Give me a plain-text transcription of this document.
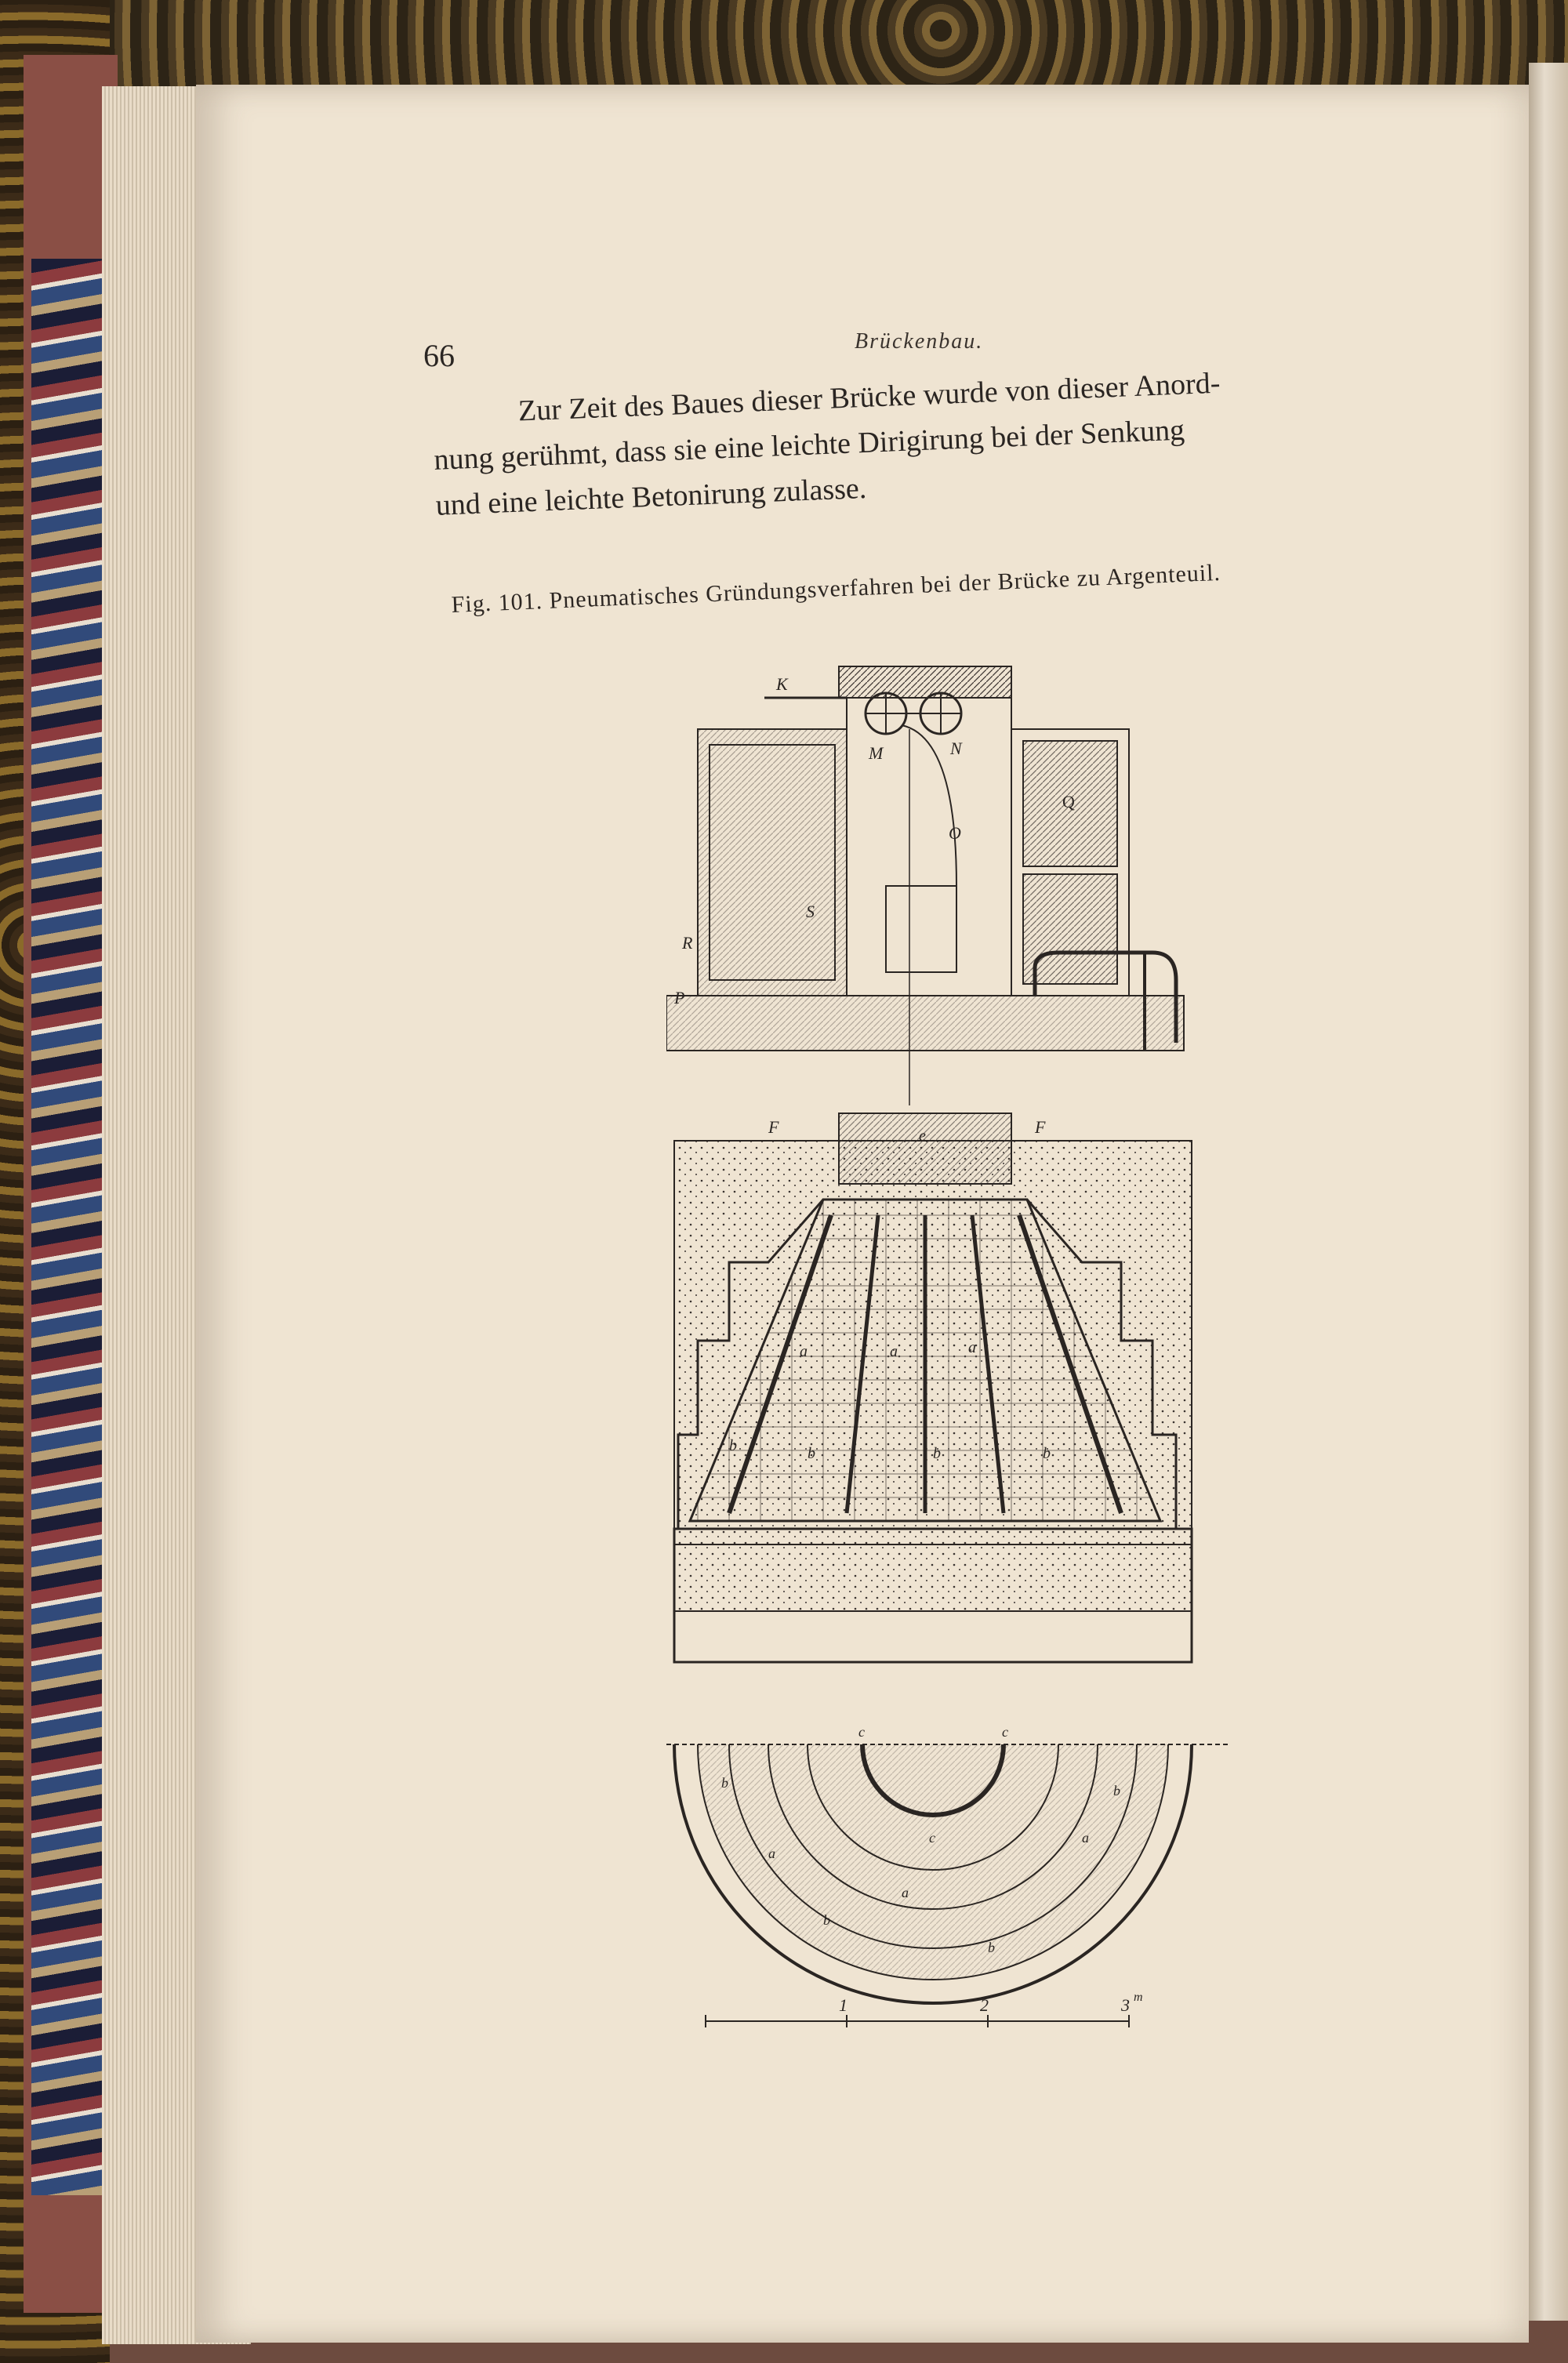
66	Brückenbau.
Zur Zeit des Baues dieser Brücke wurde von dieser Anord-
nung gerühmt, dass sie eine leichte Dirigirung bei der Senkung
und eine leichte Betonirung zulasse.
Fig. 101. Pneumatisches Gründungsverfahren bei der Brücke zu Argenteuil.
K
M	N
O
S
R
P
Q
F	F
e
a	a	a
b	b	b	b
c	c
c
a
a
a
b
b
b
b
1	2	3 m
